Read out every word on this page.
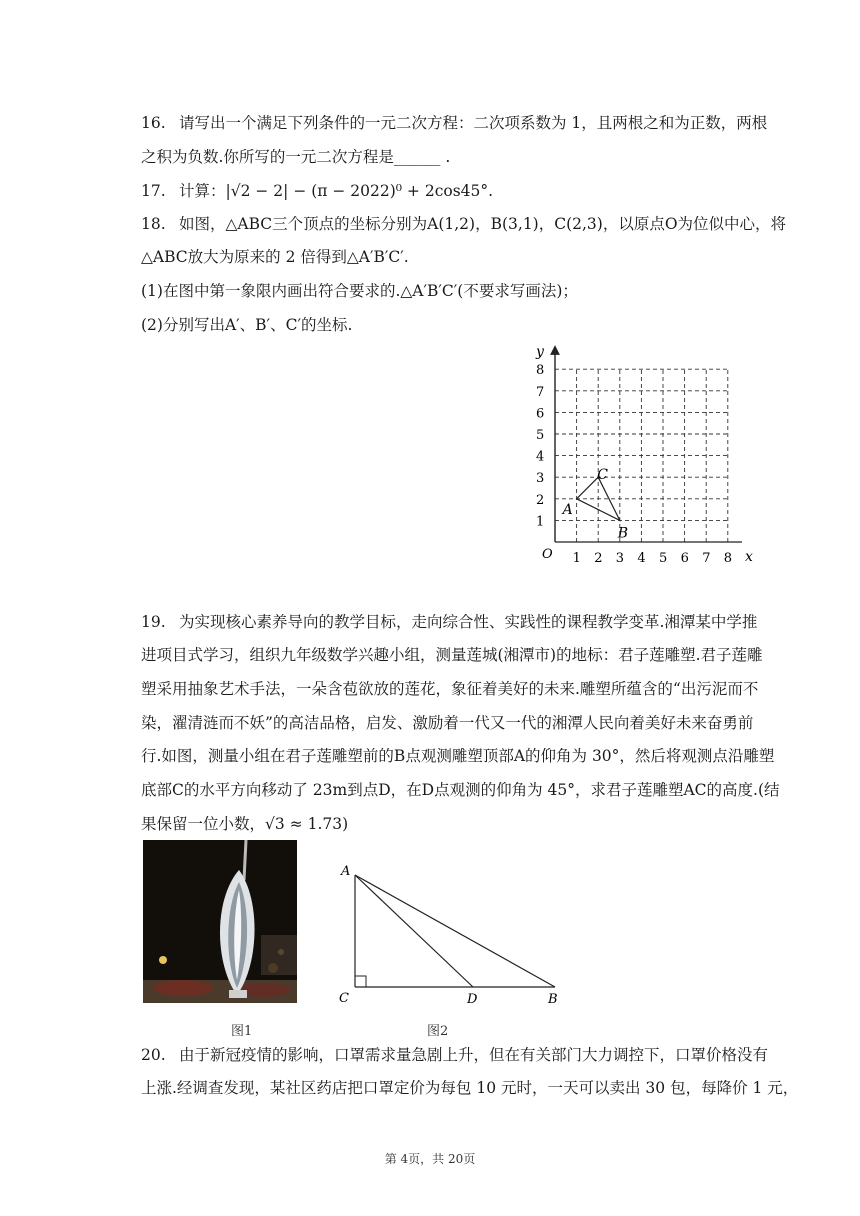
16. 请写出一个满足下列条件的一元二次方程：二次项系数为 1，且两根之和为正数，两根
之积为负数.你所写的一元二次方程是______ .
17. 计算：|√2 − 2| − (π − 2022)⁰ + 2cos45°.
18. 如图，△ABC三个顶点的坐标分别为A(1,2)，B(3,1)，C(2,3)，以原点O为位似中心，将
△ABC放大为原来的 2 倍得到△A′B′C′.
(1)在图中第一象限内画出符合要求的.△A′B′C′(不要求写画法)；
(2)分别写出A′、B′、C′的坐标.
y
x
O 1 2 3 4 5 6 7 8
1
2
3
4
5
6
7
8
A
B
C
19. 为实现核心素养导向的教学目标，走向综合性、实践性的课程教学变革.湘潭某中学推
进项目式学习，组织九年级数学兴趣小组，测量莲城(湘潭市)的地标：君子莲雕塑.君子莲雕
塑采用抽象艺术手法，一朵含苞欲放的莲花，象征着美好的未来.雕塑所蕴含的“出污泥而不
染，濯清涟而不妖”的高洁品格，启发、激励着一代又一代的湘潭人民向着美好未来奋勇前
行.如图，测量小组在君子莲雕塑前的B点观测雕塑顶部A的仰角为 30°，然后将观测点沿雕塑
底部C的水平方向移动了 23m到点D，在D点观测的仰角为 45°，求君子莲雕塑AC的高度.(结
果保留一位小数，√3 ≈ 1.73)
图1
A
C	D	B
图2
20. 由于新冠疫情的影响，口罩需求量急剧上升，但在有关部门大力调控下，口罩价格没有
上涨.经调查发现，某社区药店把口罩定价为每包 10 元时，一天可以卖出 30 包，每降价 1 元，
第 4页，共 20页
